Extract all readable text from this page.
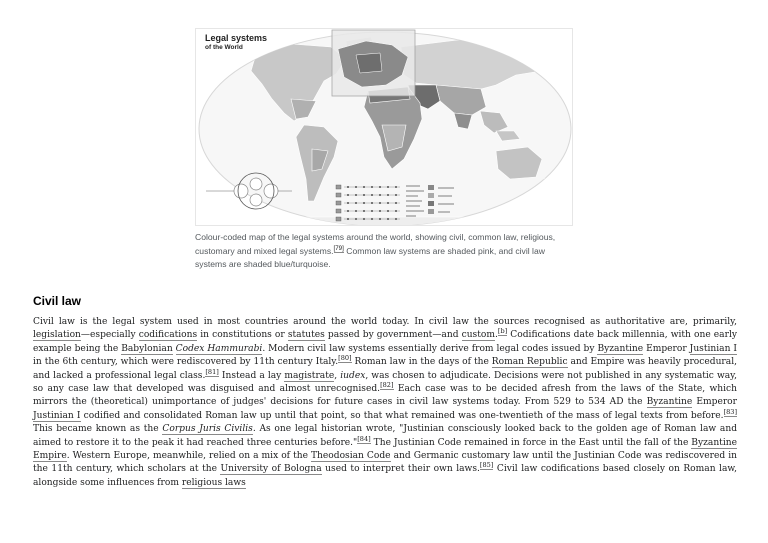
Legal systems
of the World
Colour-coded map of the legal systems around the world, showing civil, common law, religious, customary and mixed legal systems.[79] Common law systems are shaded pink, and civil law systems are shaded blue/turquoise.
Civil law

Civil law is the legal system used in most countries around the world today. In civil law the sources recognised as authoritative are, primarily, legislation—especially codifications in constitutions or statutes passed by government—and custom.[b] Codifications date back millennia, with one early example being the Babylonian Codex Hammurabi. Modern civil law systems essentially derive from legal codes issued by Byzantine Emperor Justinian I in the 6th century, which were rediscovered by 11th century Italy.[80] Roman law in the days of the Roman Republic and Empire was heavily procedural, and lacked a professional legal class.[81] Instead a lay magistrate, iudex, was chosen to adjudicate. Decisions were not published in any systematic way, so any case law that developed was disguised and almost unrecognised.[82] Each case was to be decided afresh from the laws of the State, which mirrors the (theoretical) unimportance of judges' decisions for future cases in civil law systems today. From 529 to 534 AD the Byzantine Emperor Justinian I codified and consolidated Roman law up until that point, so that what remained was one-twentieth of the mass of legal texts from before.[83] This became known as the Corpus Juris Civilis. As one legal historian wrote, "Justinian consciously looked back to the golden age of Roman law and aimed to restore it to the peak it had reached three centuries before."[84] The Justinian Code remained in force in the East until the fall of the Byzantine Empire. Western Europe, meanwhile, relied on a mix of the Theodosian Code and Germanic customary law until the Justinian Code was rediscovered in the 11th century, which scholars at the University of Bologna used to interpret their own laws.[85] Civil law codifications based closely on Roman law, alongside some influences from religious laws
